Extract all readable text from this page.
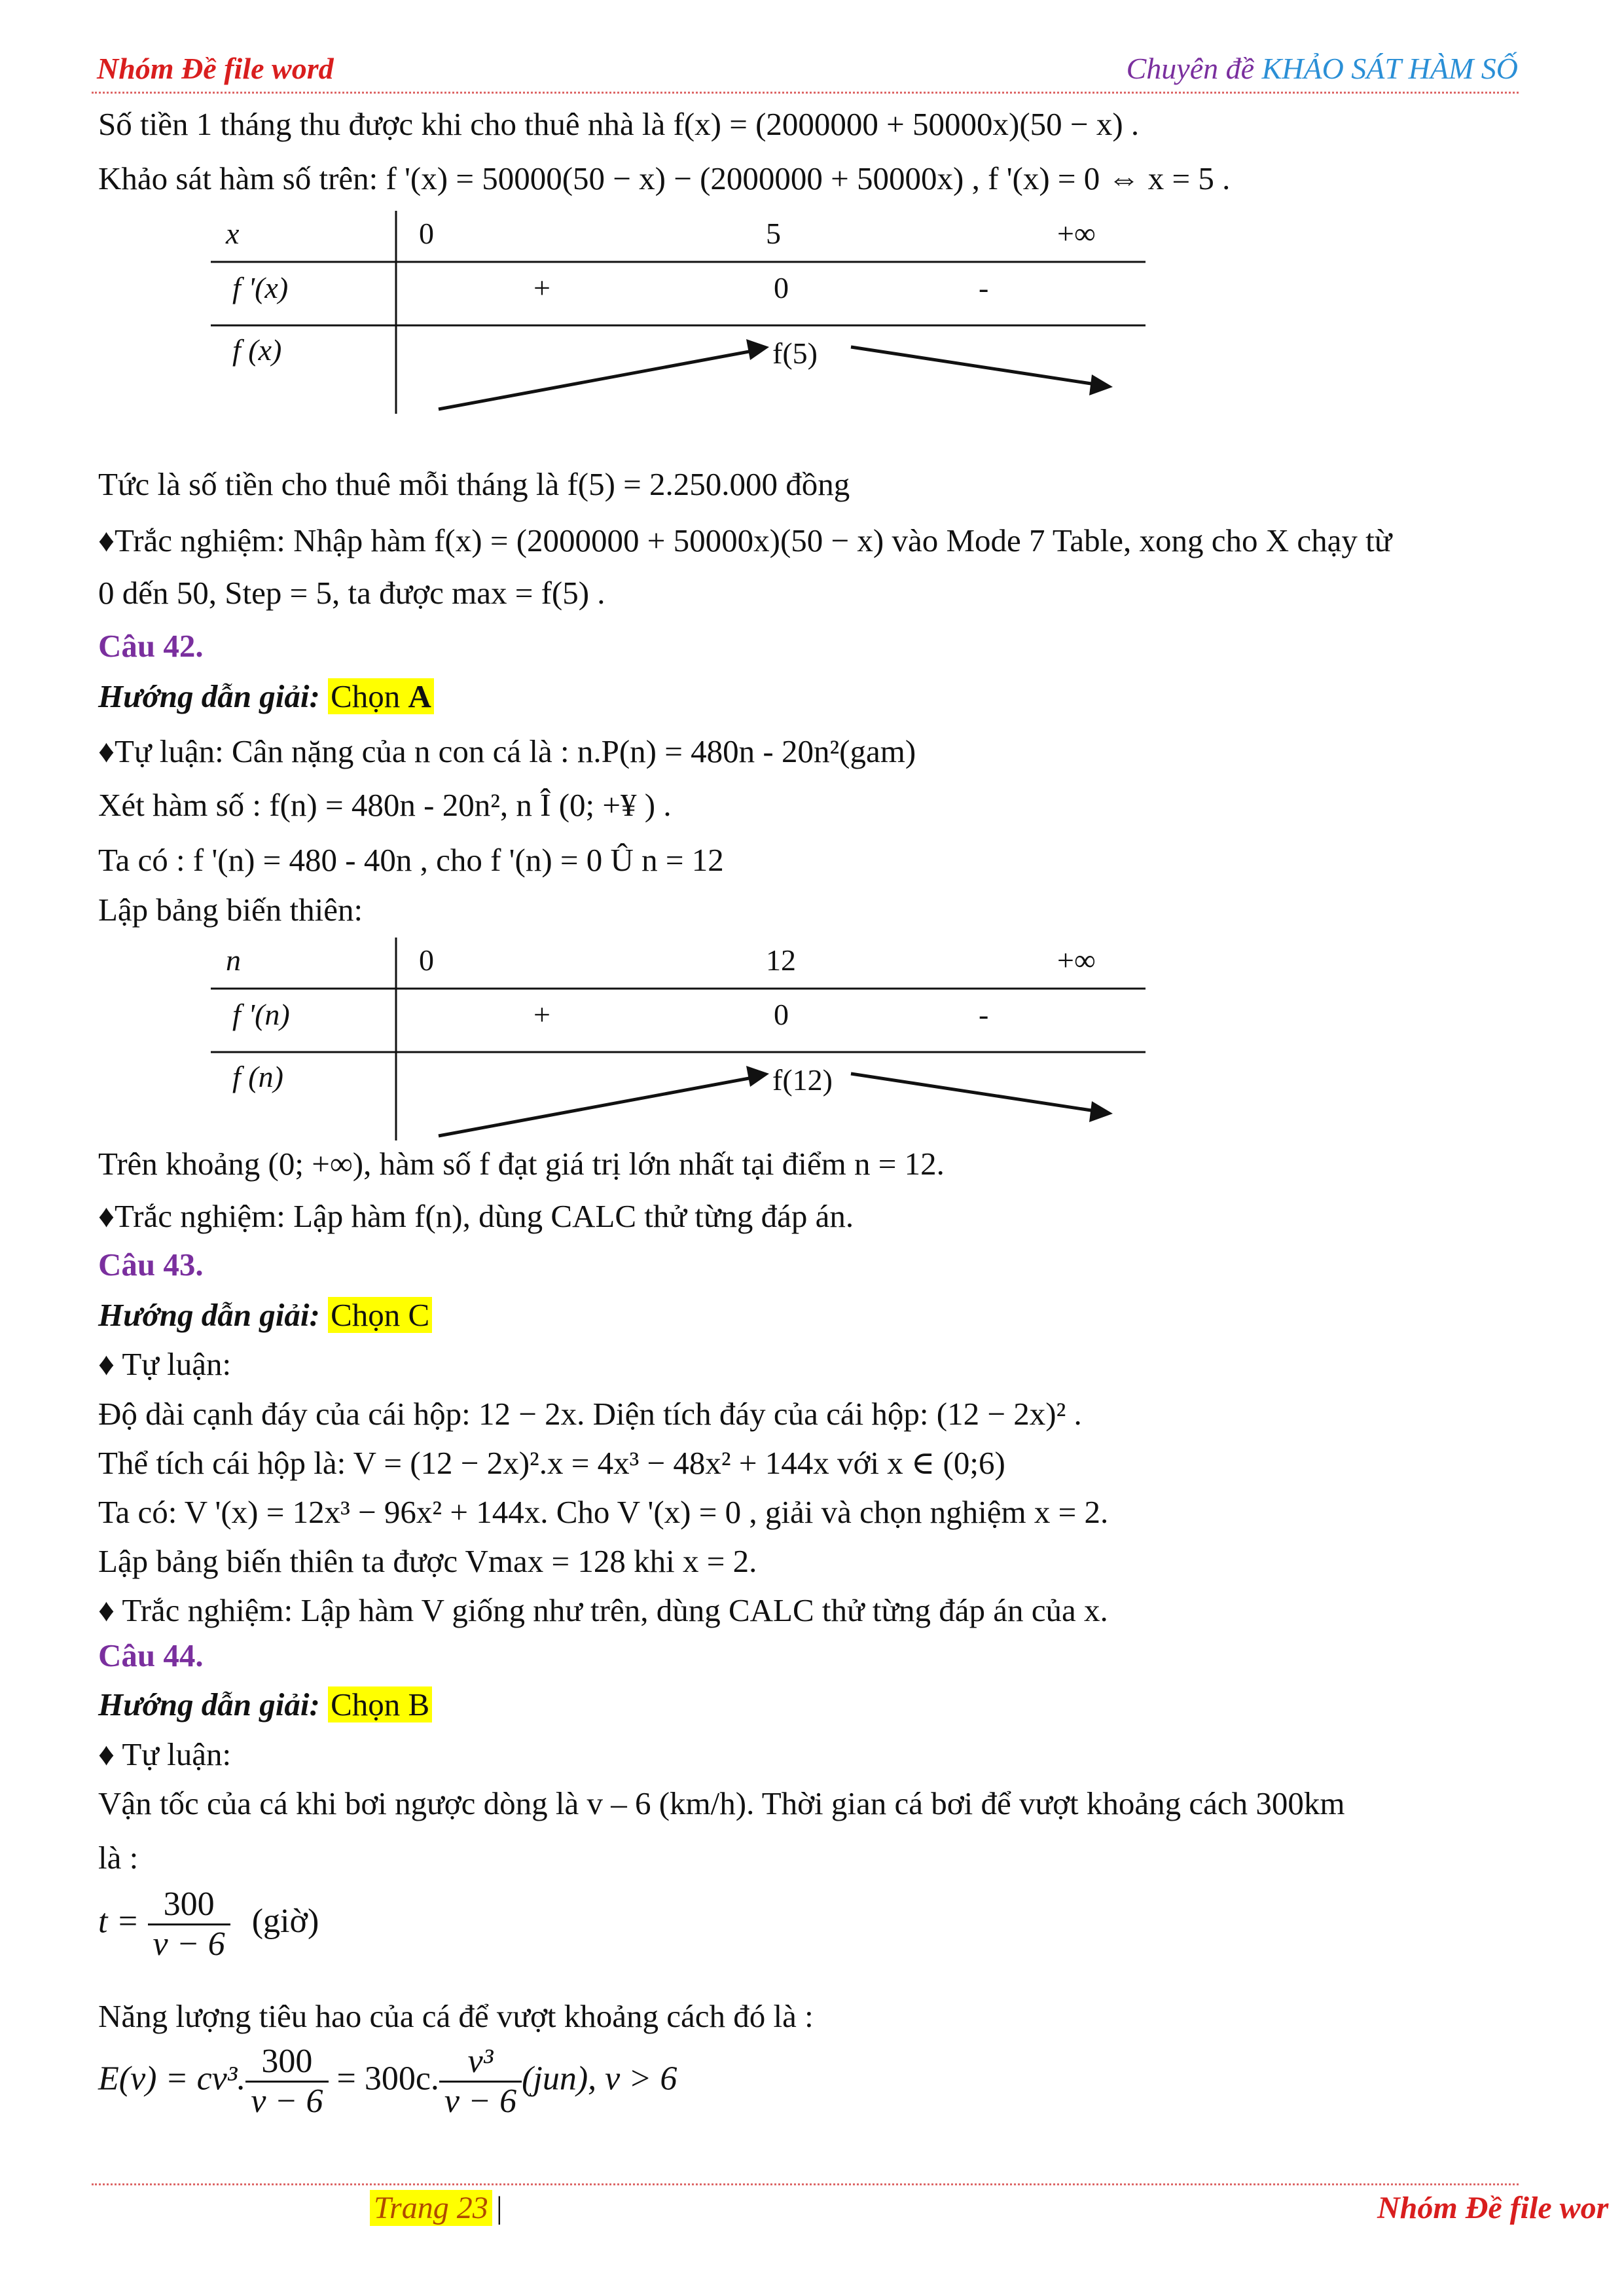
Nhóm Đề file word	Chuyên đề KHẢO SÁT HÀM SỐ
Số tiền 1 tháng thu được khi cho thuê nhà là f(x) = (2000000 + 50000x)(50 − x) .
Khảo sát hàm số trên: f '(x) = 50000(50 − x) − (2000000 + 50000x) , f '(x) = 0 ⇔ x = 5 .
x	0	5	+∞
f '(x)	+	0	-
f (x)	f(5)
Tức là số tiền cho thuê mỗi tháng là f(5) = 2.250.000 đồng
♦Trắc nghiệm: Nhập hàm f(x) = (2000000 + 50000x)(50 − x) vào Mode 7 Table, xong cho X chạy từ
0 dến 50, Step = 5, ta được max = f(5) .
Câu 42.
Hướng dẫn giải: Chọn A
♦Tự luận: Cân nặng của n con cá là : n.P(n) = 480n - 20n²(gam)
Xét hàm số : f(n) = 480n - 20n², n Î (0; +¥ ) .
Ta có : f '(n) = 480 - 40n , cho f '(n) = 0 Û n = 12
Lập bảng biến thiên:
n	0	12	+∞
f '(n)	+	0	-
f (n)	f(12)
Trên khoảng (0; +∞), hàm số f đạt giá trị lớn nhất tại điểm n = 12.
♦Trắc nghiệm: Lập hàm f(n), dùng CALC thử từng đáp án.
Câu 43.
Hướng dẫn giải: Chọn C
♦ Tự luận:
Độ dài cạnh đáy của cái hộp: 12 − 2x. Diện tích đáy của cái hộp: (12 − 2x)² .
Thể tích cái hộp là: V = (12 − 2x)².x = 4x³ − 48x² + 144x với x ∈ (0;6)
Ta có: V '(x) = 12x³ − 96x² + 144x. Cho V '(x) = 0 , giải và chọn nghiệm x = 2.
Lập bảng biến thiên ta được Vmax = 128 khi x = 2.
♦ Trắc nghiệm: Lập hàm V giống như trên, dùng CALC thử từng đáp án của x.
Câu 44.
Hướng dẫn giải: Chọn B
♦ Tự luận:
Vận tốc của cá khi bơi ngược dòng là v – 6 (km/h). Thời gian cá bơi để vượt khoảng cách 300km
là :
$t = \frac{300}{v - 6}$ (giờ)
Năng lượng tiêu hao của cá để vượt khoảng cách đó là :
E(v) = cv³. $\frac{300}{v - 6} = 300c$. $\frac{\text{v³}}{v - 6} (jun)$, v > 6
Trang 23 |	Nhóm Đề file wor
